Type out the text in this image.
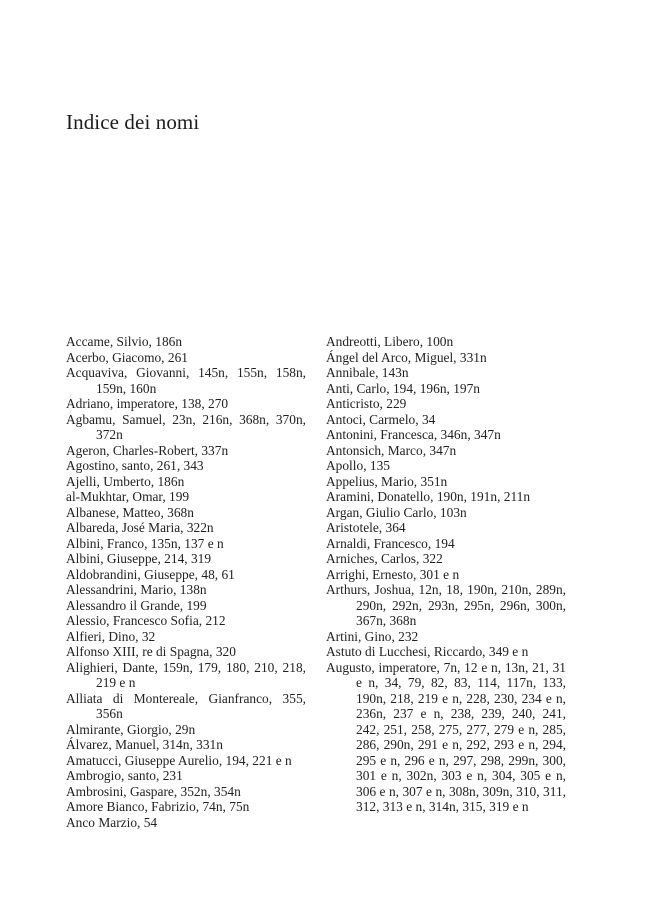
Indice dei nomi

Accame, Silvio, 186n

Acerbo, Giacomo, 261

Acquaviva, Giovanni, 145n, 155n, 158n, 159n, 160n

Adriano, imperatore, 138, 270

Agbamu, Samuel, 23n, 216n, 368n, 370n, 372n

Ageron, Charles-Robert, 337n

Agostino, santo, 261, 343

Ajelli, Umberto, 186n

al-Mukhtar, Omar, 199

Albanese, Matteo, 368n

Albareda, José Maria, 322n

Albini, Franco, 135n, 137 e n

Albini, Giuseppe, 214, 319

Aldobrandini, Giuseppe, 48, 61

Alessandrini, Mario, 138n

Alessandro il Grande, 199

Alessio, Francesco Sofia, 212

Alfieri, Dino, 32

Alfonso XIII, re di Spagna, 320

Alighieri, Dante, 159n, 179, 180, 210, 218, 219 e n

Alliata di Montereale, Gianfranco, 355, 356n

Almirante, Giorgio, 29n

Álvarez, Manuel, 314n, 331n

Amatucci, Giuseppe Aurelio, 194, 221 e n

Ambrogio, santo, 231

Ambrosini, Gaspare, 352n, 354n

Amore Bianco, Fabrizio, 74n, 75n

Anco Marzio, 54

Andreotti, Libero, 100n

Ángel del Arco, Miguel, 331n

Annibale, 143n

Anti, Carlo, 194, 196n, 197n

Anticristo, 229

Antoci, Carmelo, 34

Antonini, Francesca, 346n, 347n

Antonsich, Marco, 347n

Apollo, 135

Appelius, Mario, 351n

Aramini, Donatello, 190n, 191n, 211n

Argan, Giulio Carlo, 103n

Aristotele, 364

Arnaldi, Francesco, 194

Arniches, Carlos, 322

Arrighi, Ernesto, 301 e n

Arthurs, Joshua, 12n, 18, 190n, 210n, 289n, 290n, 292n, 293n, 295n, 296n, 300n, 367n, 368n

Artini, Gino, 232

Astuto di Lucchesi, Riccardo, 349 e n

Augusto, imperatore, 7n, 12 e n, 13n, 21, 31 e n, 34, 79, 82, 83, 114, 117n, 133, 190n, 218, 219 e n, 228, 230, 234 e n, 236n, 237 e n, 238, 239, 240, 241, 242, 251, 258, 275, 277, 279 e n, 285, 286, 290n, 291 e n, 292, 293 e n, 294, 295 e n, 296 e n, 297, 298, 299n, 300, 301 e n, 302n, 303 e n, 304, 305 e n, 306 e n, 307 e n, 308n, 309n, 310, 311, 312, 313 e n, 314n, 315, 319 e n
